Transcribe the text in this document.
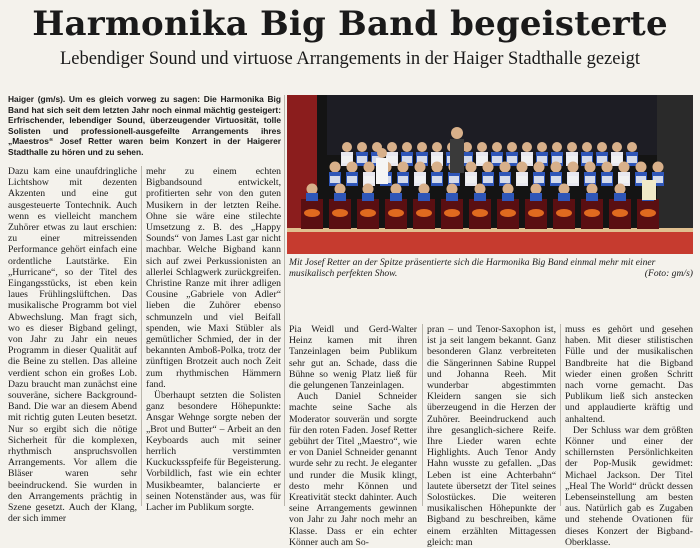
Harmonika Big Band begeisterte
Lebendiger Sound und virtuose Arrangements in der Haiger Stadthalle gezeigt
Haiger (gm/s). Um es gleich vorweg zu sagen: Die Harmonika Big Band hat sich seit dem letzten Jahr noch einmal mächtig gesteigert: Erfrischender, lebendiger Sound, überzeugender Virtuosität, tolle Solisten und professionell-ausgefeilte Arrangements ihres „Maestros“ Josef Retter waren beim Konzert in der Haigerer Stadthalle zu hören und zu sehen.

Dazu kam eine unaufdringliche Lichtshow mit dezenten Akzenten und eine gut ausgesteuerte Tontechnik. Auch wenn es vielleicht manchem Zuhörer etwas zu laut erschien: zu einer mitreissenden Performance gehört einfach eine ordentliche Lautstärke. Ein „Hurricane“, so der Titel des Eingangsstücks, ist eben kein laues Frühlingslüftchen. Das musikalische Programm bot viel Abwechslung. Man fragt sich, wo es dieser Bigband gelingt, von Jahr zu Jahr ein neues Programm in dieser Qualität auf die Beine zu stellen. Das alleine verdient schon ein großes Lob. Dazu braucht man zunächst eine souveräne, sichere Background-Band. Die war an diesem Abend mit richtig guten Leuten besetzt. Nur so ergibt sich die nötige Sicherheit für die komplexen, rhythmisch anspruchsvollen Arrangements. Vor allem die Bläser waren sehr beeindruckend. Sie wurden in den Arrangements prächtig in Szene gesetzt. Auch der Klang, der sich immer

mehr zu einem echten Bigbandsound entwickelt, profitierten sehr von den guten Musikern in der letzten Reihe. Ohne sie wäre eine stilechte Umsetzung z. B. des „Happy Sounds“ von James Last gar nicht machbar. Welche Bigband kann sich auf zwei Perkussionisten an allerlei Schlagwerk zurückgreifen. Christine Ranze mit ihrer adligen Cousine „Gabriele von Adler“ lieben die Zuhörer ebenso schmunzeln und viel Beifall spenden, wie Maxi Stübler als gemütlicher Schmied, der in der bekannten Amboß-Polka, trotz der zünftigen Brotzeit auch noch Zeit zum rhythmischen Hämmern fand.

Überhaupt setzten die Solisten ganz besondere Höhepunkte: Ansgar Wehnge sorgte neben der „Brot und Butter“ – Arbeit an den Keyboards auch mit seiner herrlich verstimmten Kuckucksspfeife für Begeisterung. Vorbildlich, fast wie ein echter Musikbeamter, balancierte er seinen Notenständer aus, was für Lacher im Publikum sorgte.

Mit Josef Retter an der Spitze präsentierte sich die Harmonika Big Band einmal mehr mit einer musikalisch perfekten Show.	(Foto: gm/s)

Pia Weidl und Gerd-Walter Heinz kamen mit ihren Tanzeinlagen beim Publikum sehr gut an. Schade, dass die Bühne so wenig Platz ließ für die gelungenen Tanzeinlagen.

Auch Daniel Schneider machte seine Sache als Moderator souverän und sorgte für den roten Faden. Josef Retter gebührt der Titel „Maestro“, wie er von Daniel Schneider genannt wurde sehr zu recht. Je eleganter und runder die Musik klingt, desto mehr Können und Kreativität steckt dahinter. Auch seine Arrangements gewinnen von Jahr zu Jahr noch mehr an Klasse. Dass er ein echter Könner auch am So-

pran – und Tenor-Saxophon ist, ist ja seit langem bekannt. Ganz besonderen Glanz verbreiteten die Sängerinnen Sabine Ruppel und Johanna Reeh. Mit wunderbar abgestimmten Kleidern sangen sie sich überzeugend in die Herzen der Zuhörer. Beeindruckend auch ihre gesanglich-sichere Reife. Ihre Lieder waren echte Highlights. Auch Tenor Andy Hahn wusste zu gefallen. „Das Leben ist eine Achterbahn“ lautete übersetzt der Titel seines Solostückes. Die weiteren musikalischen Höhepunkte der Bigband zu beschreiben, käme einem erzählten Mittagessen gleich: man

muss es gehört und gesehen haben. Mit dieser stilistischen Fülle und der musikalischen Bandbreite hat die Bigband wieder einen großen Schritt nach vorne gemacht. Das Publikum ließ sich anstecken und applaudierte kräftig und anhaltend.

Der Schluss war dem größten Könner und einer der schillernsten Persönlichkeiten der Pop-Musik gewidmet: Michael Jackson. Der Titel „Heal The World“ drückt dessen Lebenseinstellung am besten aus. Natürlich gab es Zugaben und stehende Ovationen für dieses Konzert der Bigband-Oberklasse.
